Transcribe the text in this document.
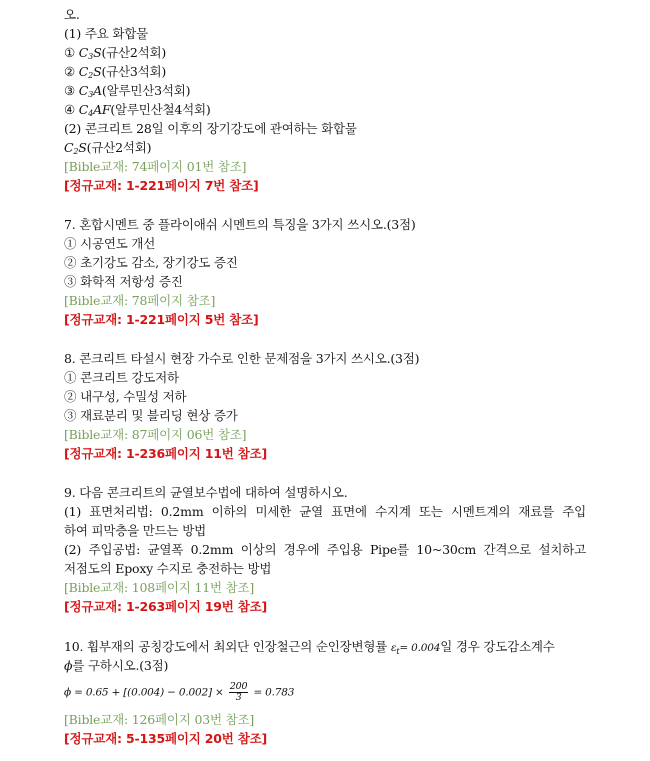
오.
(1) 주요 화합물
① $C_3S$(규산2석회)
② $C_2S$(규산3석회)
③ $C_3A$(알루민산3석회)
④ $C_4AF$(알루민산철4석회)
(2) 콘크리트 28일 이후의 장기강도에 관여하는 화합물
$C_2S$(규산2석회)
[Bible교재: 74페이지 01번 참조]
[정규교재: 1-221페이지 7번 참조]
7. 혼합시멘트 중 플라이애쉬 시멘트의 특징을 3가지 쓰시오.(3점)
① 시공연도 개선
② 초기강도 감소, 장기강도 증진
③ 화학적 저항성 증진
[Bible교재: 78페이지 참조]
[정규교재: 1-221페이지 5번 참조]
8. 콘크리트 타설시 현장 가수로 인한 문제점을 3가지 쓰시오.(3점)
① 콘크리트 강도저하
② 내구성, 수밀성 저하
③ 재료분리 및 블리딩 현상 증가
[Bible교재: 87페이지 06번 참조]
[정규교재: 1-236페이지 11번 참조]
9. 다음 콘크리트의 균열보수법에 대하여 설명하시오.
(1) 표면처리법: 0.2mm 이하의 미세한 균열 표면에 수지계 또는 시멘트계의 재료를 주입
하여 피막층을 만드는 방법
(2) 주입공법: 균열폭 0.2mm 이상의 경우에 주입용 Pipe를 10~30cm 간격으로 설치하고
저점도의 Epoxy 수지로 충전하는 방법
[Bible교재: 108페이지 11번 참조]
[정규교재: 1-263페이지 19번 참조]
10. 휨부재의 공칭강도에서 최외단 인장철근의 순인장변형률 $\varepsilon_t= 0.004$일 경우 강도감소계수
ϕ를 구하시오.(3점)
$\phi = 0.65 + [(0.004) - 0.002] \times \frac{200}{3} = 0.783$
[Bible교재: 126페이지 03번 참조]
[정규교재: 5-135페이지 20번 참조]
